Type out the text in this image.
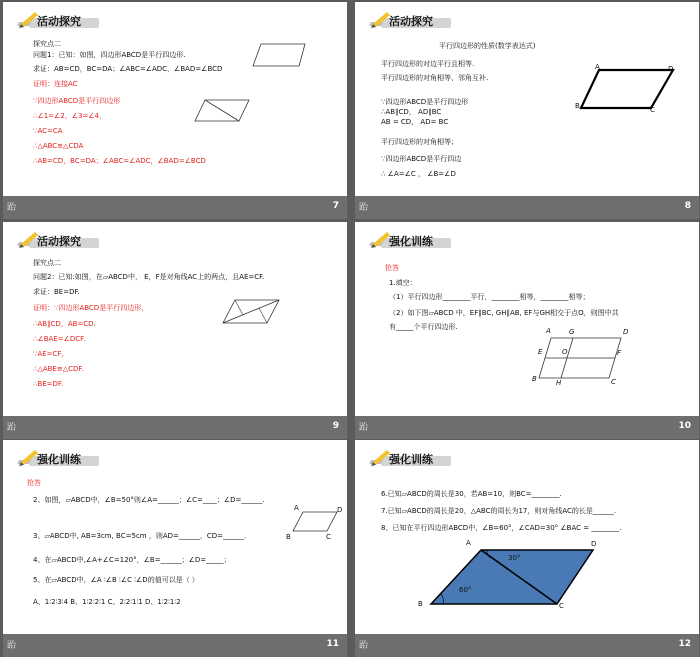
活动探究
探究点二
问题1：已知：如图，四边形ABCD是平行四边形.
求证：AB=CD，BC=DA；∠ABC=∠ADC，∠BAD=∠BCD
证明：连接AC
∵四边形ABCD是平行四边形
∴∠1=∠2，∠3=∠4，
∵AC=CA
∴△ABC≌△CDA
∴AB=CD，BC=DA；∠ABC=∠ADC，∠BAD=∠BCD
跆	7
活动探究
平行四边形的性质(数学表达式)
平行四边形的对边平行且相等.
平行四边形的对角相等、邻角互补.
∵四边形ABCD是平行四边形
∴AB∥CD， AD∥BC
AB = CD， AD= BC
平行四边形的对角相等；
∵四边形ABCD是平行四边
∴ ∠A=∠C ， ∠B=∠D
A	D
B	C
跆	8
活动探究
探究点二
问题2：已知:如图，在▱ABCD中， E，F是对角线AC上的两点，且AE=CF.
求证：BE=DF.
证明：∵四边形ABCD是平行四边形，
∴AB∥CD，AB=CD.
∴∠BAE=∠DCF.
∵AE=CF，
∴△ABE≌△CDF.
∴BE=DF.
跆	9
强化训练
抢答
1.填空：
（1）平行四边形________平行，________相等，________相等；
（2）如下图▱ABCD 中，EF∥BC, GH∥AB, EF与GH相交于点O，则图中共
有_____个平行四边形.	A	G	D
E	O	F
B	H	C
跆	10
强化训练
抢答
2、如图，▱ABCD中，∠B=50°则∠A=______；∠C=____；∠D=______.
3、▱ABCD中, AB=3cm, BC=5cm ，则AD=______，CD=______.
4、在▱ABCD中,∠A+∠C=120°，∠B=______；∠D=_____；
5、在▱ABCD中，∠A ∶∠B ∶∠C ∶∠D的值可以是（ ）
A、1∶2∶3∶4 B、1∶2∶2∶1 C、2∶2∶1∶1 D、1∶2∶1∶2
A	D
B	C
跆	11
强化训练
6.已知▱ABCD的周长是30，若AB=10，则BC=________.
7.已知▱ABCD的周长是20，△ABC的周长为17，则对角线AC的长是______.
8、已知在平行四边形ABCD中，∠B=60°，∠CAD=30° ∠BAC = ________.
A	D
B	C
30°
60°
跆	12
